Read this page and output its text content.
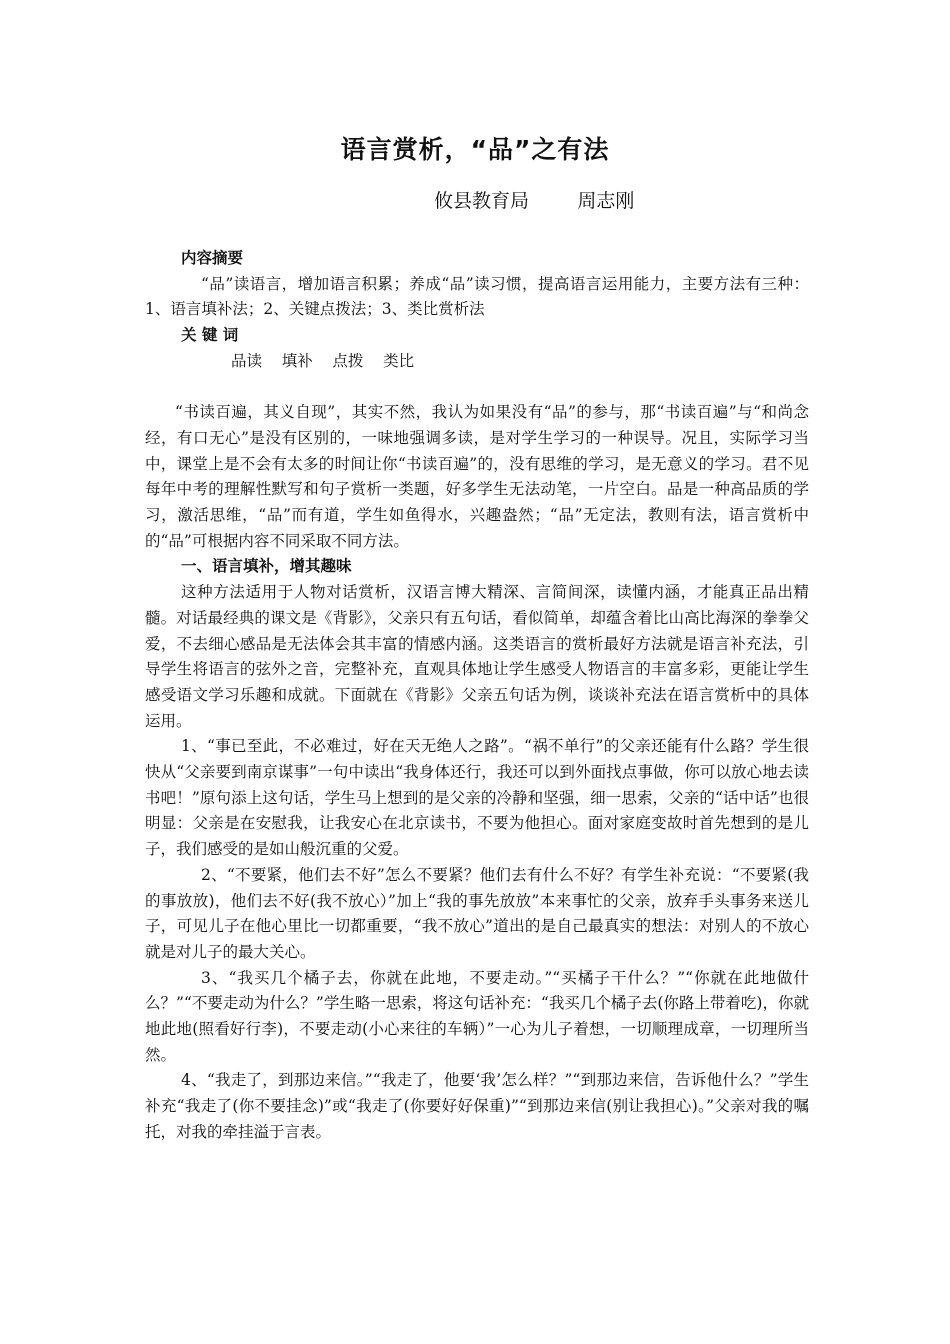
语言赏析，“品”之有法
攸县教育局        周志刚

内容摘要

“品”读语言，增加语言积累；养成“品”读习惯，提高语言运用能力，主要方法有三种：1、语言填补法；2、关键点拨法；3、类比赏析法

关 键 词

品读    填补    点拨    类比

“书读百遍，其义自现”，其实不然，我认为如果没有“品”的参与，那“书读百遍”与“和尚念经，有口无心”是没有区别的，一味地强调多读，是对学生学习的一种误导。况且，实际学习当中，课堂上是不会有太多的时间让你“书读百遍”的，没有思维的学习，是无意义的学习。君不见每年中考的理解性默写和句子赏析一类题，好多学生无法动笔，一片空白。品是一种高品质的学习，激活思维，“品”而有道，学生如鱼得水，兴趣盎然；“品”无定法，教则有法，语言赏析中的“品”可根据内容不同采取不同方法。

一、语言填补，增其趣味

这种方法适用于人物对话赏析，汉语言博大精深、言简间深，读懂内涵，才能真正品出精髓。对话最经典的课文是《背影》，父亲只有五句话，看似简单，却蕴含着比山高比海深的拳拳父爱，不去细心感品是无法体会其丰富的情感内涵。这类语言的赏析最好方法就是语言补充法，引导学生将语言的弦外之音，完整补充，直观具体地让学生感受人物语言的丰富多彩，更能让学生感受语文学习乐趣和成就。下面就在《背影》父亲五句话为例，谈谈补充法在语言赏析中的具体运用。

1、“事已至此，不必难过，好在天无绝人之路”。“祸不单行”的父亲还能有什么路？学生很快从“父亲要到南京谋事”一句中读出“我身体还行，我还可以到外面找点事做，你可以放心地去读书吧！”原句添上这句话，学生马上想到的是父亲的冷静和坚强，细一思索，父亲的“话中话”也很明显：父亲是在安慰我，让我安心在北京读书，不要为他担心。面对家庭变故时首先想到的是儿子，我们感受的是如山般沉重的父爱。

2、“不要紧，他们去不好”怎么不要紧？他们去有什么不好？有学生补充说：“不要紧(我的事放放)，他们去不好(我不放心）”加上“我的事先放放”本来事忙的父亲，放弃手头事务来送儿子，可见儿子在他心里比一切都重要，“我不放心”道出的是自己最真实的想法：对别人的不放心就是对儿子的最大关心。

3、“我买几个橘子去，你就在此地，不要走动。”“买橘子干什么？”“你就在此地做什么？”“不要走动为什么？”学生略一思索，将这句话补充：“我买几个橘子去(你路上带着吃)，你就地此地(照看好行李)，不要走动(小心来往的车辆）”一心为儿子着想，一切顺理成章，一切理所当然。

4、“我走了，到那边来信。”“我走了，他要‘我’怎么样？”“到那边来信，告诉他什么？”学生补充“我走了(你不要挂念)”或“我走了(你要好好保重)”“到那边来信(别让我担心)。”父亲对我的嘱托，对我的牵挂溢于言表。
